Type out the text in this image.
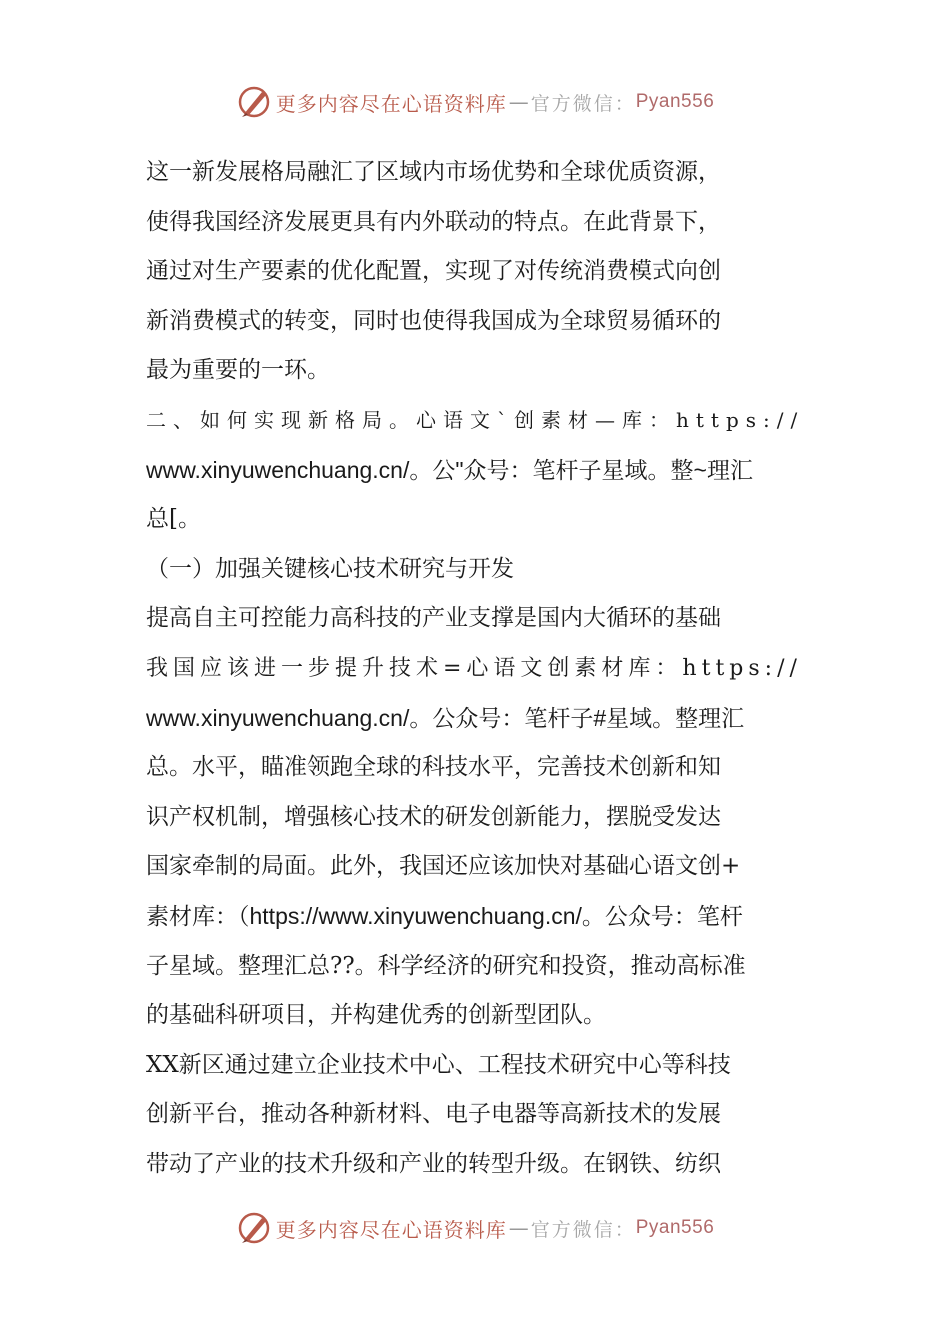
更多内容尽在心语资料库 — 官方微信： Pyan556
这一新发展格局融汇了区域内市场优势和全球优质资源，
使得我国经济发展更具有内外联动的特点。在此背景下，
通过对生产要素的优化配置，实现了对传统消费模式向创
新消费模式的转变，同时也使得我国成为全球贸易循环的
最为重要的一环。
二、如何实现新格局。心语文`创素材—库：https://
www.xinyuwenchuang.cn/。公"众号：笔杆子星域。整~理汇
总[。
（一）加强关键核心技术研究与开发
提高自主可控能力高科技的产业支撑是国内大循环的基础
我国应该进一步提升技术=心语文创素材库：https://
www.xinyuwenchuang.cn/。公众号：笔杆子#星域。整理汇
总。水平，瞄准领跑全球的科技水平，完善技术创新和知
识产权机制，增强核心技术的研发创新能力，摆脱受发达
国家牵制的局面。此外，我国还应该加快对基础心语文创+
素材库：（https://www.xinyuwenchuang.cn/。公众号：笔杆
子星域。整理汇总??。科学经济的研究和投资，推动高标准
的基础科研项目，并构建优秀的创新型团队。
XX新区通过建立企业技术中心、工程技术研究中心等科技
创新平台，推动各种新材料、电子电器等高新技术的发展
带动了产业的技术升级和产业的转型升级。在钢铁、纺织
更多内容尽在心语资料库 — 官方微信： Pyan556
